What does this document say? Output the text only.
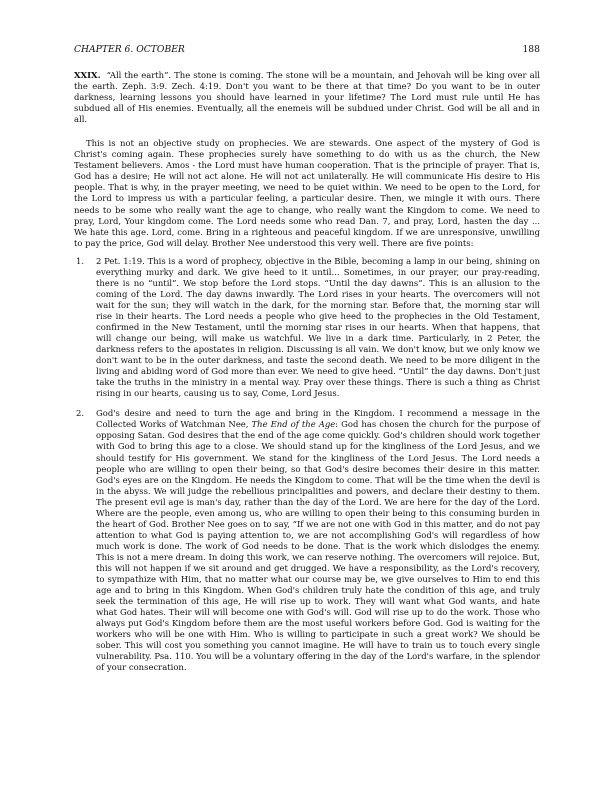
CHAPTER 6. OCTOBER	188

XXIX. “All the earth”. The stone is coming. The stone will be a mountain, and Jehovah will be king over all the earth. Zeph. 3:9. Zech. 4:19. Don't you want to be there at that time? Do you want to be in outer darkness, learning lessons you should have learned in your lifetime? The Lord must rule until He has subdued all of His enemies. Eventually, all the enemeis will be subdued under Christ. God will be all and in all.

This is not an objective study on prophecies. We are stewards. One aspect of the mystery of God is Christ's coming again. These prophecies surely have something to do with us as the church, the New Testament believers. Amos - the Lord must have human cooperation. That is the principle of prayer. That is, God has a desire; He will not act alone. He will not act unilaterally. He will communicate His desire to His people. That is why, in the prayer meeting, we need to be quiet within. We need to be open to the Lord, for the Lord to impress us with a particular feeling, a particular desire. Then, we mingle it with ours. There needs to be some who really want the age to change, who really want the Kingdom to come. We need to pray, Lord, Your kingdom come. The Lord needs some who read Dan. 7, and pray, Lord, hasten the day ... We hate this age. Lord, come. Bring in a righteous and peaceful kingdom. If we are unresponsive, unwilling to pay the price, God will delay. Brother Nee understood this very well. There are five points:

1. 2 Pet. 1:19. This is a word of prophecy, objective in the Bible, becoming a lamp in our being, shining on everything murky and dark. We give heed to it until... Sometimes, in our prayer, our pray-reading, there is no “until”. We stop before the Lord stops. “Until the day dawns”. This is an allusion to the coming of the Lord. The day dawns inwardly. The Lord rises in your hearts. The overcomers will not wait for the sun; they will watch in the dark, for the morning star. Before that, the morning star will rise in their hearts. The Lord needs a people who give heed to the prophecies in the Old Testament, confirmed in the New Testament, until the morning star rises in our hearts. When that happens, that will change our being, will make us watchful. We live in a dark time. Particularly, in 2 Peter, the darkness refers to the apostates in religion. Discussing is all vain. We don't know, but we only know we don't want to be in the outer darkness, and taste the second death. We need to be more diligent in the living and abiding word of God more than ever. We need to give heed. “Until” the day dawns. Don't just take the truths in the ministry in a mental way. Pray over these things. There is such a thing as Christ rising in our hearts, causing us to say, Come, Lord Jesus.

2. God's desire and need to turn the age and bring in the Kingdom. I recommend a message in the Collected Works of Watchman Nee, The End of the Age: God has chosen the church for the purpose of opposing Satan. God desires that the end of the age come quickly. God's children should work together with God to bring this age to a close. We should stand up for the kingliness of the Lord Jesus, and we should testify for His government. We stand for the kingliness of the Lord Jesus. The Lord needs a people who are willing to open their being, so that God's desire becomes their desire in this matter. God's eyes are on the Kingdom. He needs the Kingdom to come. That will be the time when the devil is in the abyss. We will judge the rebellious principalities and powers, and declare their destiny to them. The present evil age is man's day, rather than the day of the Lord. We are here for the day of the Lord. Where are the people, even among us, who are willing to open their being to this consuming burden in the heart of God. Brother Nee goes on to say, “If we are not one with God in this matter, and do not pay attention to what God is paying attention to, we are not accomplishing God's will regardless of how much work is done. The work of God needs to be done. That is the work which dislodges the enemy. This is not a mere dream. In doing this work, we can reserve nothing. The overcomers will rejoice. But, this will not happen if we sit around and get drugged. We have a responsibility, as the Lord's recovery, to sympathize with Him, that no matter what our course may be, we give ourselves to Him to end this age and to bring in this Kingdom. When God's children truly hate the condition of this age, and truly seek the termination of this age, He will rise up to work. They will want what God wants, and hate what God hates. Their will will become one with God's will. God will rise up to do the work. Those who always put God's Kingdom before them are the most useful workers before God. God is waiting for the workers who will be one with Him. Who is willing to participate in such a great work? We should be sober. This will cost you something you cannot imagine. He will have to train us to touch every single vulnerability. Psa. 110. You will be a voluntary offering in the day of the Lord's warfare, in the splendor of your consecration.
